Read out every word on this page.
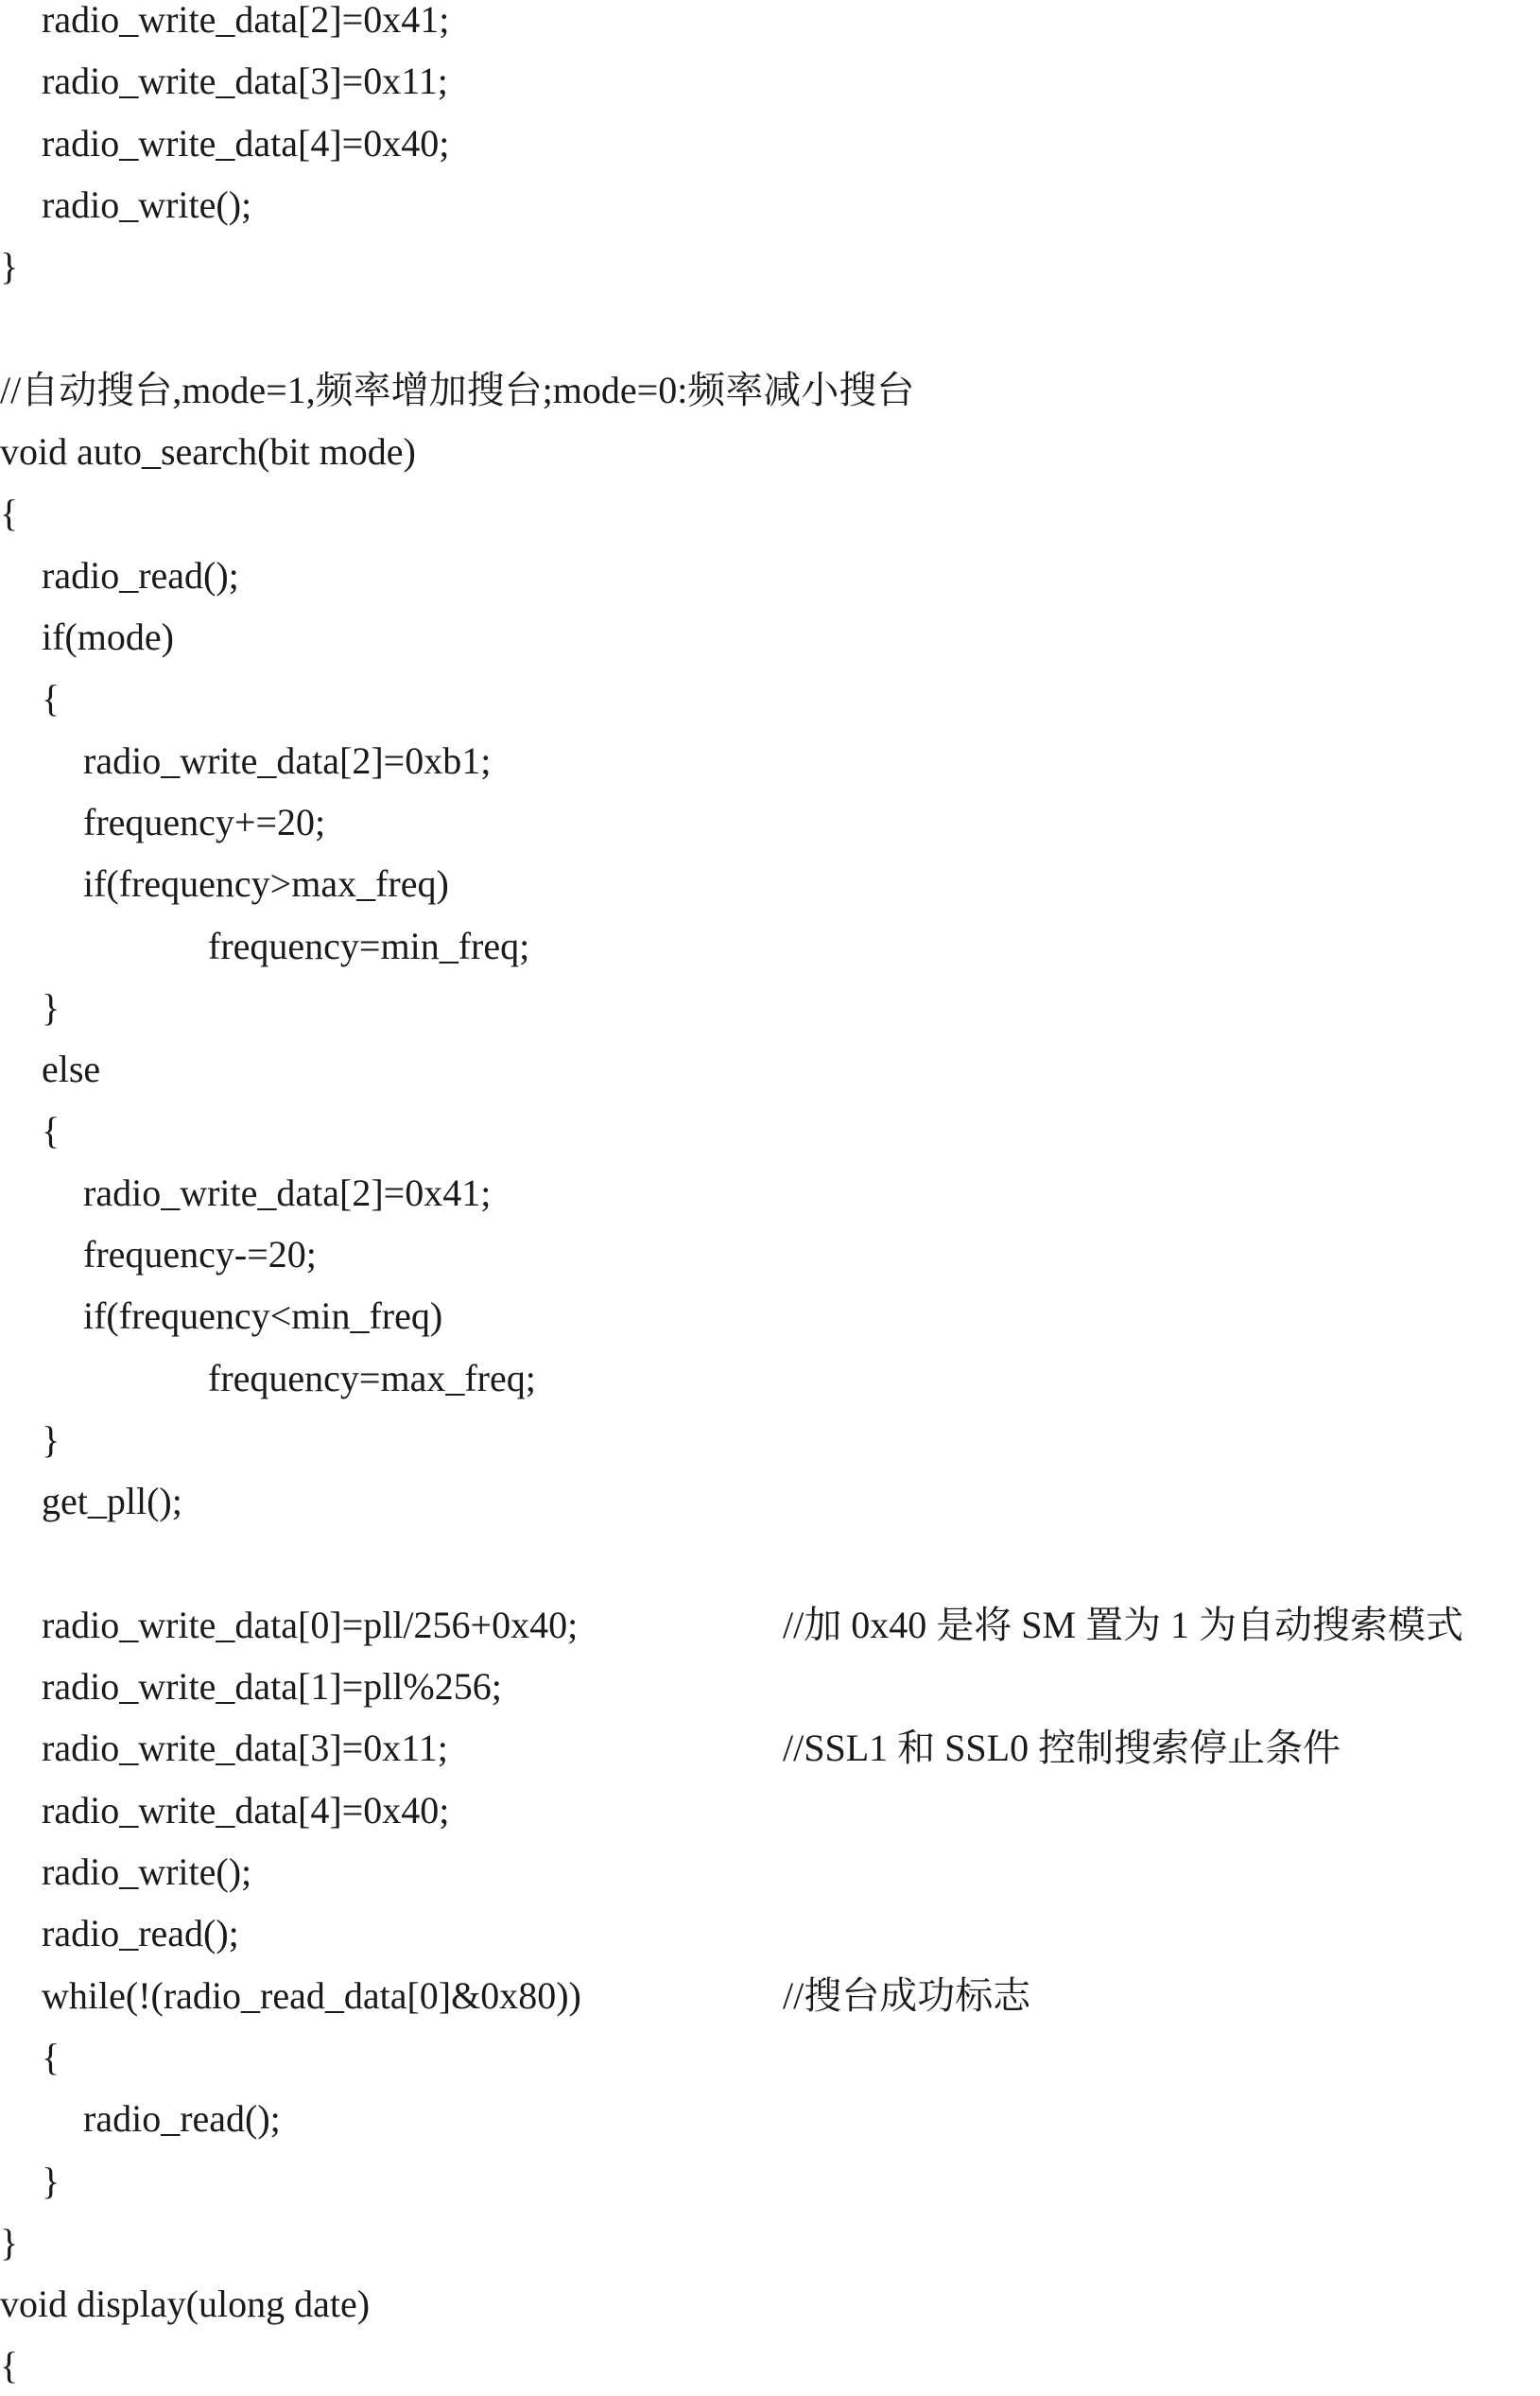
radio_write_data[2]=0x41;
radio_write_data[3]=0x11;
radio_write_data[4]=0x40;
radio_write();
}
//自动搜台,mode=1,频率增加搜台;mode=0:频率减小搜台
void auto_search(bit mode)
{
radio_read();
if(mode)
{
radio_write_data[2]=0xb1;
frequency+=20;
if(frequency>max_freq)
frequency=min_freq;
}
else
{
radio_write_data[2]=0x41;
frequency-=20;
if(frequency<min_freq)
frequency=max_freq;
}
get_pll();
radio_write_data[0]=pll/256+0x40;	//加 0x40 是将 SM 置为 1 为自动搜索模式
radio_write_data[1]=pll%256;
radio_write_data[3]=0x11;	//SSL1 和 SSL0 控制搜索停止条件
radio_write_data[4]=0x40;
radio_write();
radio_read();
while(!(radio_read_data[0]&0x80))	//搜台成功标志
{
radio_read();
}
}
void display(ulong date)
{
